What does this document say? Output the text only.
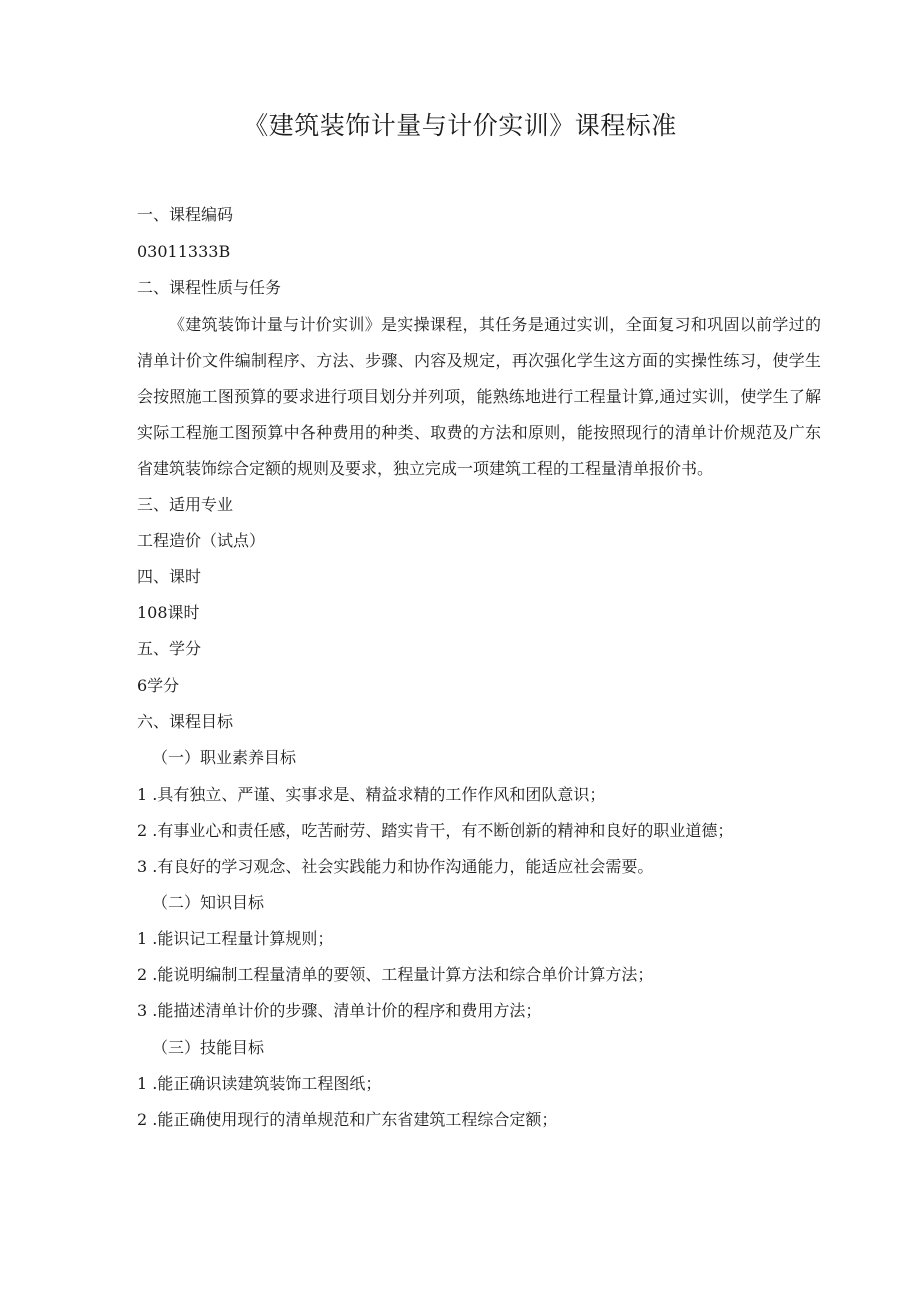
《建筑装饰计量与计价实训》课程标准
一、课程编码
03011333B
二、课程性质与任务

《建筑装饰计量与计价实训》是实操课程，其任务是通过实训，全面复习和巩固以前学过的清单计价文件编制程序、方法、步骤、内容及规定，再次强化学生这方面的实操性练习，使学生会按照施工图预算的要求进行项目划分并列项，能熟练地进行工程量计算,通过实训，使学生了解实际工程施工图预算中各种费用的种类、取费的方法和原则，能按照现行的清单计价规范及广东省建筑装饰综合定额的规则及要求，独立完成一项建筑工程的工程量清单报价书。

三、适用专业
工程造价（试点）
四、课时
108课时
五、学分
6学分
六、课程目标
（一）职业素养目标
1 .具有独立、严谨、实事求是、精益求精的工作作风和团队意识；
2 .有事业心和责任感，吃苦耐劳、踏实肯干，有不断创新的精神和良好的职业道德；
3 .有良好的学习观念、社会实践能力和协作沟通能力，能适应社会需要。
（二）知识目标
1 .能识记工程量计算规则；
2 .能说明编制工程量清单的要领、工程量计算方法和综合单价计算方法；
3 .能描述清单计价的步骤、清单计价的程序和费用方法；
（三）技能目标
1 .能正确识读建筑装饰工程图纸；
2 .能正确使用现行的清单规范和广东省建筑工程综合定额；
